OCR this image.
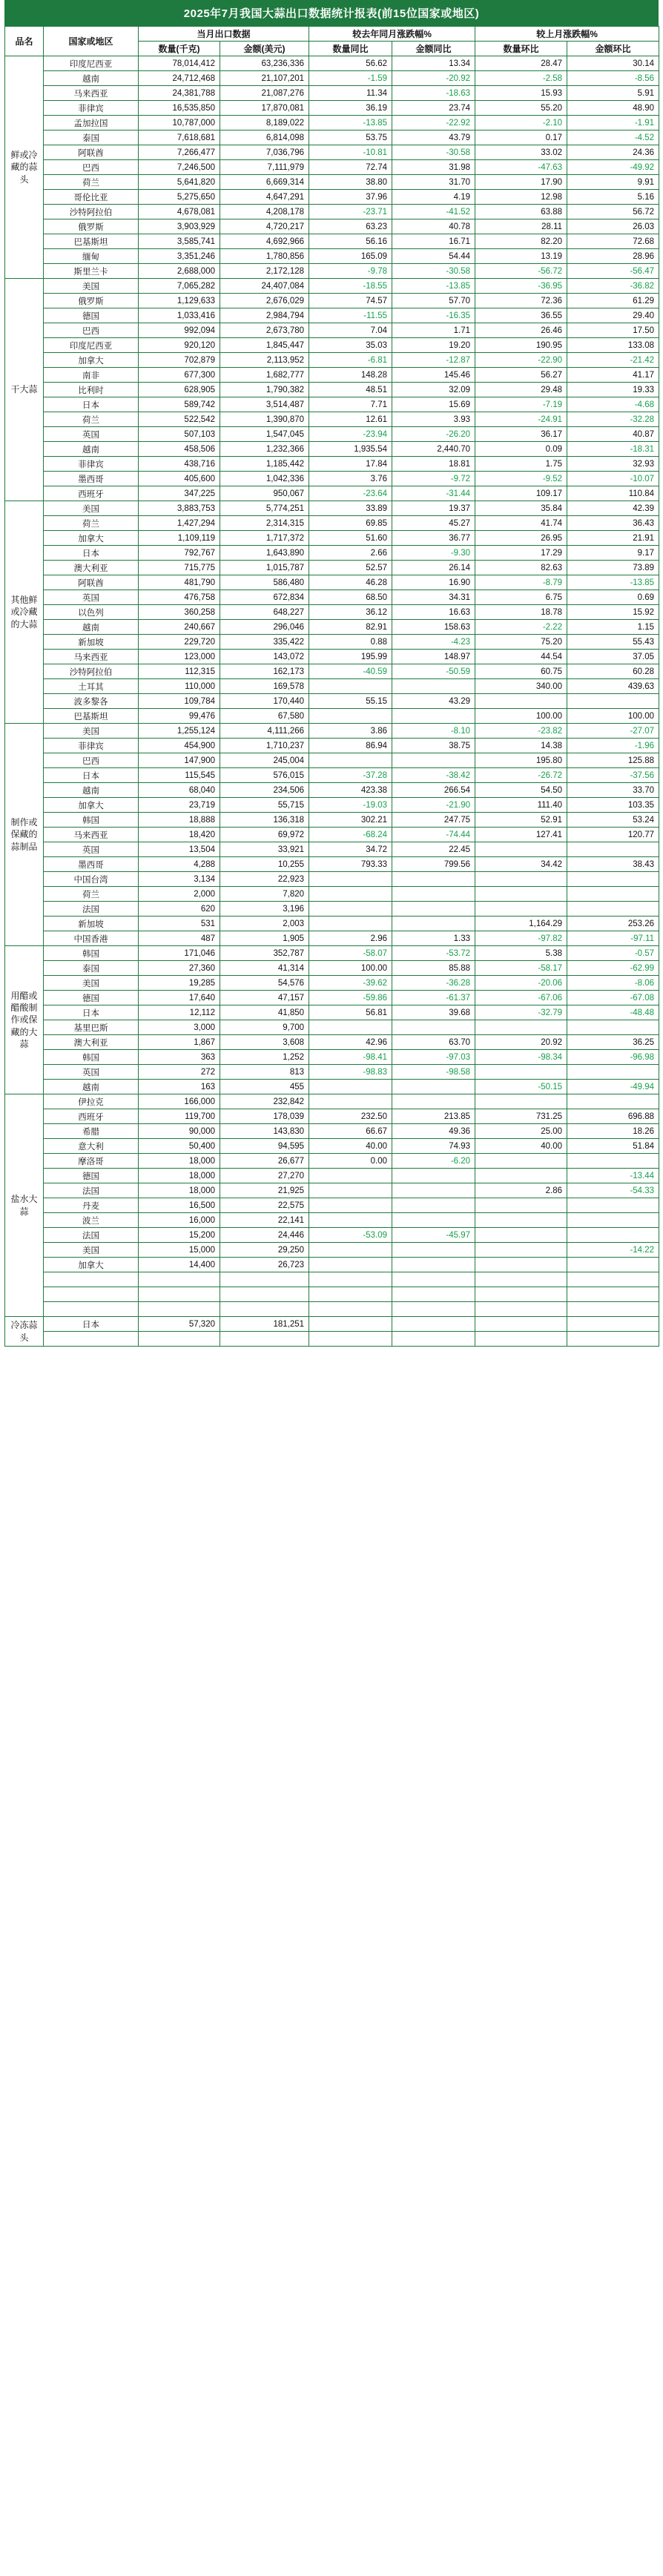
2025年7月我国大蒜出口数据统计报表(前15位国家或地区)
品名	国家或地区	当月出口数据		较去年同月涨跌幅%		较上月涨跌幅%	
		数量(千克)	金额(美元)	数量同比	金额同比	数量环比	金额环比
鲜或冷藏的蒜头	印度尼西亚	78,014,412	63,236,336	56.62	13.34	28.47	30.14
	越南	24,712,468	21,107,201	-1.59	-20.92	-2.58	-8.56
	马来西亚	24,381,788	21,087,276	11.34	-18.63	15.93	5.91
	菲律宾	16,535,850	17,870,081	36.19	23.74	55.20	48.90
	孟加拉国	10,787,000	8,189,022	-13.85	-22.92	-2.10	-1.91
	泰国	7,618,681	6,814,098	53.75	43.79	0.17	-4.52
	阿联酋	7,266,477	7,036,796	-10.81	-30.58	33.02	24.36
	巴西	7,246,500	7,111,979	72.74	31.98	-47.63	-49.92
	荷兰	5,641,820	6,669,314	38.80	31.70	17.90	9.91
	哥伦比亚	5,275,650	4,647,291	37.96	4.19	12.98	5.16
	沙特阿拉伯	4,678,081	4,208,178	-23.71	-41.52	63.88	56.72
	俄罗斯	3,903,929	4,720,217	63.23	40.78	28.11	26.03
	巴基斯坦	3,585,741	4,692,966	56.16	16.71	82.20	72.68
	缅甸	3,351,246	1,780,856	165.09	54.44	13.19	28.96
	斯里兰卡	2,688,000	2,172,128	-9.78	-30.58	-56.72	-56.47
干大蒜	美国	7,065,282	24,407,084	-18.55	-13.85	-36.95	-36.82
	俄罗斯	1,129,633	2,676,029	74.57	57.70	72.36	61.29
	德国	1,033,416	2,984,794	-11.55	-16.35	36.55	29.40
	巴西	992,094	2,673,780	7.04	1.71	26.46	17.50
	印度尼西亚	920,120	1,845,447	35.03	19.20	190.95	133.08
	加拿大	702,879	2,113,952	-6.81	-12.87	-22.90	-21.42
	南非	677,300	1,682,777	148.28	145.46	56.27	41.17
	比利时	628,905	1,790,382	48.51	32.09	29.48	19.33
	日本	589,742	3,514,487	7.71	15.69	-7.19	-4.68
	荷兰	522,542	1,390,870	12.61	3.93	-24.91	-32.28
	英国	507,103	1,547,045	-23.94	-26.20	36.17	40.87
	越南	458,506	1,232,366	1,935.54	2,440.70	0.09	-18.31
	菲律宾	438,716	1,185,442	17.84	18.81	1.75	32.93
	墨西哥	405,600	1,042,336	3.76	-9.72	-9.52	-10.07
	西班牙	347,225	950,067	-23.64	-31.44	109.17	110.84
其他鲜或冷藏的大蒜	美国	3,883,753	5,774,251	33.89	19.37	35.84	42.39
	荷兰	1,427,294	2,314,315	69.85	45.27	41.74	36.43
	加拿大	1,109,119	1,717,372	51.60	36.77	26.95	21.91
	日本	792,767	1,643,890	2.66	-9.30	17.29	9.17
	澳大利亚	715,775	1,015,787	52.57	26.14	82.63	73.89
	阿联酋	481,790	586,480	46.28	16.90	-8.79	-13.85
	英国	476,758	672,834	68.50	34.31	6.75	0.69
	以色列	360,258	648,227	36.12	16.63	18.78	15.92
	越南	240,667	296,046	82.91	158.63	-2.22	1.15
	新加坡	229,720	335,422	0.88	-4.23	75.20	55.43
	马来西亚	123,000	143,072	195.99	148.97	44.54	37.05
	沙特阿拉伯	112,315	162,173	-40.59	-50.59	60.75	60.28
	土耳其	110,000	169,578			340.00	439.63
	波多黎各	109,784	170,440	55.15	43.29		
	巴基斯坦	99,476	67,580			100.00	100.00
制作或保藏的蒜制品	美国	1,255,124	4,111,266	3.86	-8.10	-23.82	-27.07
	菲律宾	454,900	1,710,237	86.94	38.75	14.38	-1.96
	巴西	147,900	245,004			195.80	125.88
	日本	115,545	576,015	-37.28	-38.42	-26.72	-37.56
	越南	68,040	234,506	423.38	266.54	54.50	33.70
	加拿大	23,719	55,715	-19.03	-21.90	111.40	103.35
	韩国	18,888	136,318	302.21	247.75	52.91	53.24
	马来西亚	18,420	69,972	-68.24	-74.44	127.41	120.77
	英国	13,504	33,921	34.72	22.45		
	墨西哥	4,288	10,255	793.33	799.56	34.42	38.43
	中国台湾	3,134	22,923				
	荷兰	2,000	7,820				
	法国	620	3,196				
	新加坡	531	2,003			1,164.29	253.26
	中国香港	487	1,905	2.96	1.33	-97.82	-97.11
用醋或醋酸制作或保藏的大蒜	韩国	171,046	352,787	-58.07	-53.72	5.38	-0.57
	泰国	27,360	41,314	100.00	85.88	-58.17	-62.99
	美国	19,285	54,576	-39.62	-36.28	-20.06	-8.06
	德国	17,640	47,157	-59.86	-61.37	-67.06	-67.08
	日本	12,112	41,850	56.81	39.68	-32.79	-48.48
	基里巴斯	3,000	9,700				
	澳大利亚	1,867	3,608	42.96	63.70	20.92	36.25
	韩国	363	1,252	-98.41	-97.03	-98.34	-96.98
	英国	272	813	-98.83	-98.58		
	越南	163	455			-50.15	-49.94
盐水大蒜	伊拉克	166,000	232,842				
	西班牙	119,700	178,039	232.50	213.85	731.25	696.88
	希腊	90,000	143,830	66.67	49.36	25.00	18.26
	意大利	50,400	94,595	40.00	74.93	40.00	51.84
	摩洛哥	18,000	26,677	0.00	-6.20		
	德国	18,000	27,270				-13.44
	法国	18,000	21,925			2.86	-54.33
	丹麦	16,500	22,575				
	波兰	16,000	22,141				
	法国	15,200	24,446	-53.09	-45.97		
	美国	15,000	29,250				-14.22
	加拿大	14,400	26,723				

冷冻蒜头	日本	57,320	181,251				
